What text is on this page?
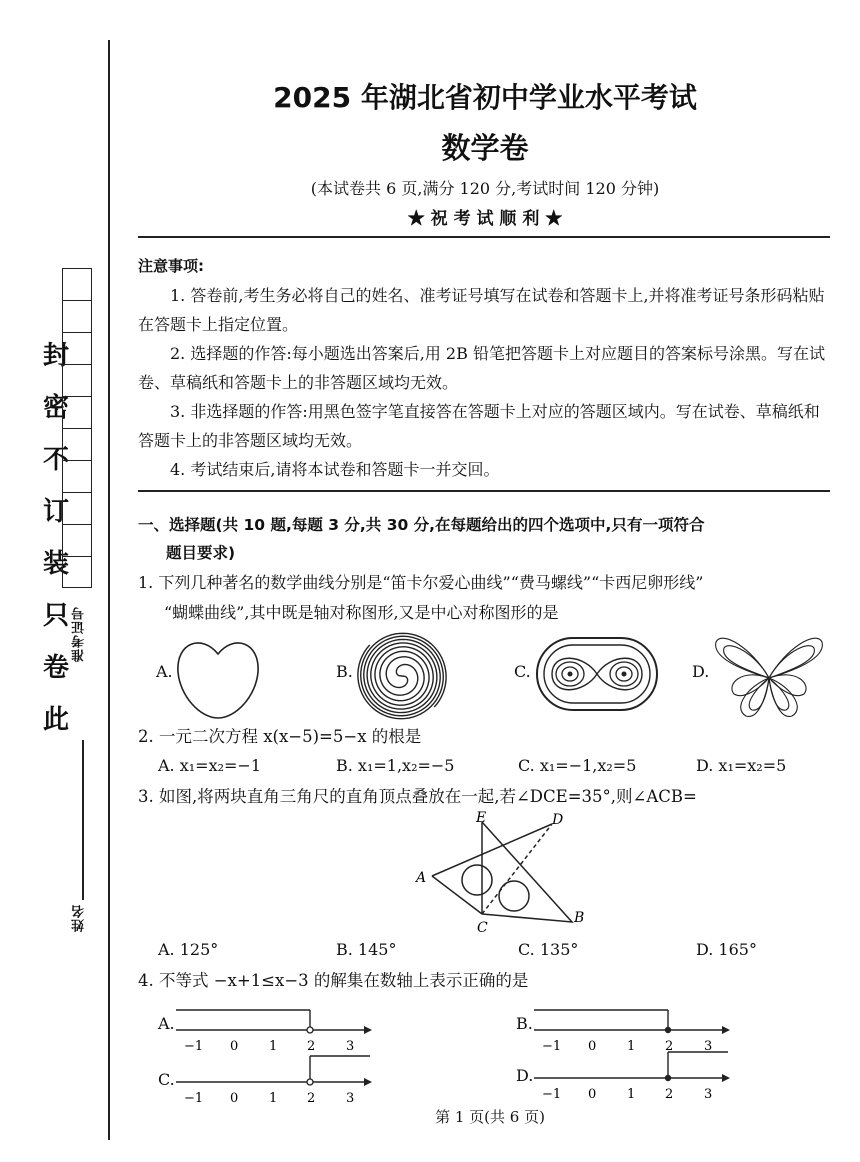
封
密
不
订
装
只
卷
此
准考证号
姓名
2025 年湖北省初中学业水平考试
数学卷
(本试卷共 6 页,满分 120 分,考试时间 120 分钟)
★ 祝 考 试 顺 利 ★

注意事项:

1. 答卷前,考生务必将自己的姓名、准考证号填写在试卷和答题卡上,并将准考证号条形码粘贴在答题卡上指定位置。

2. 选择题的作答:每小题选出答案后,用 2B 铅笔把答题卡上对应题目的答案标号涂黑。写在试卷、草稿纸和答题卡上的非答题区域均无效。

3. 非选择题的作答:用黑色签字笔直接答在答题卡上对应的答题区域内。写在试卷、草稿纸和答题卡上的非答题区域均无效。

4. 考试结束后,请将本试卷和答题卡一并交回。

一、选择题(共 10 题,每题 3 分,共 30 分,在每题给出的四个选项中,只有一项符合
题目要求)
1. 下列几种著名的数学曲线分别是“笛卡尔爱心曲线”“费马螺线”“卡西尼卵形线”
“蝴蝶曲线”,其中既是轴对称图形,又是中心对称图形的是
A.	B.	C.	D.
2. 一元二次方程 x(x−5)=5−x 的根是
A. x₁=x₂=−1	B. x₁=1,x₂=−5	C. x₁=−1,x₂=5	D. x₁=x₂=5
3. 如图,将两块直角三角尺的直角顶点叠放在一起,若∠DCE=35°,则∠ACB=
E	D
A
B
C
A. 125°	B. 145°	C. 135°	D. 165°
4. 不等式 −x+1≤x−3 的解集在数轴上表示正确的是
A.
−1 0 1 2 3
B.
−1 0 1 2 3
C.
−1 0 1 2 3
D.
−1 0 1 2 3
第 1 页(共 6 页)
